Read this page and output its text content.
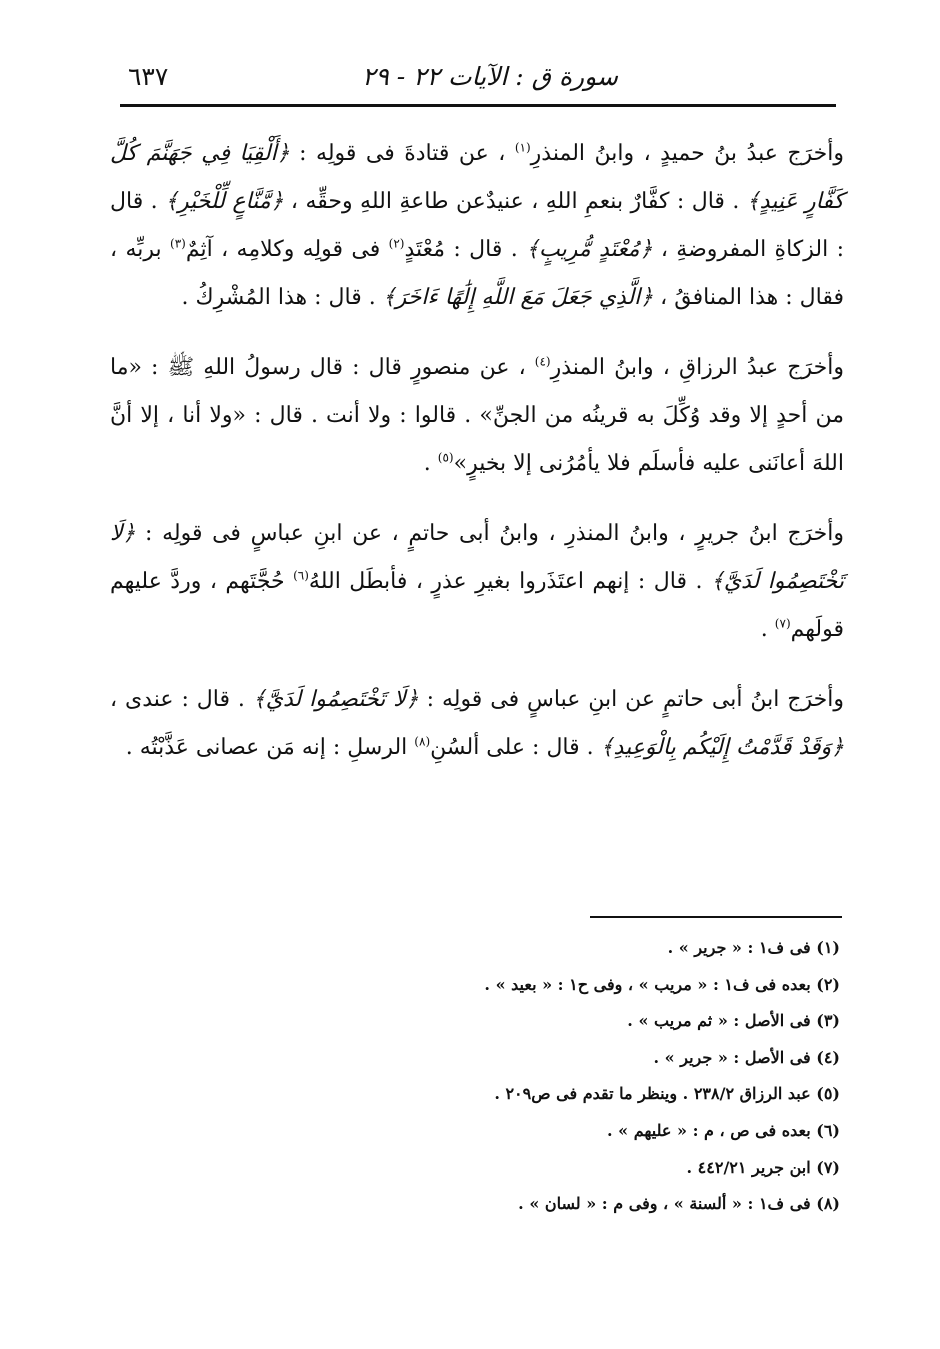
سورة ق : الآيات ٢٢ - ٢٩
٦٣٧

وأخرَج عبدُ بنُ حميدٍ ، وابنُ المنذرِ$^{(١)}$ ، عن قتادةَ فى قولِه : ﴿أَلْقِيَا فِي جَهَنَّمَ كُلَّ كَفَّارٍ عَنِيدٍ﴾ . قال : كفَّارٌ بنعمِ اللهِ ، عنيدٌعن طاعةِ اللهِ وحقِّه ، ﴿مَّنَّاعٍ لِّلْخَيْرِ﴾ . قال : الزكاةِ المفروضةِ ، ﴿مُعْتَدٍ مُّرِيبٍ﴾ . قال : مُعْتَدٍ$^{(٢)}$ فى قولِه وكلامِه ، آثِمٌ$^{(٣)}$ بربِّه ، فقال : هذا المنافقُ ، ﴿الَّذِي جَعَلَ مَعَ اللَّهِ إِلَٰهًا ءَاخَرَ﴾ . قال : هذا المُشْرِكُ .

وأخرَج عبدُ الرزاقِ ، وابنُ المنذرِ$^{(٤)}$ ، عن منصورٍ قال : قال رسولُ اللهِ ﷺ : «ما من أحدٍ إلا وقد وُكِّلَ به قرينُه من الجنِّ» . قالوا : ولا أنت . قال : «ولا أنا ، إلا أنَّ اللهَ أعانَنى عليه فأسلَم فلا يأمُرُنى إلا بخيرٍ»$^{(٥)}$ .

وأخرَج ابنُ جريرٍ ، وابنُ المنذرِ ، وابنُ أبى حاتمٍ ، عن ابنِ عباسٍ فى قولِه : ﴿لَا تَخْتَصِمُوا لَدَيَّ﴾ . قال : إنهم اعتَذَروا بغيرِ عذرٍ ، فأبطَل اللهُ$^{(٦)}$ حُجَّتَهم ، وردَّ عليهم قولَهم$^{(٧)}$ .

وأخرَج ابنُ أبى حاتمٍ عن ابنِ عباسٍ فى قولِه : ﴿لَا تَخْتَصِمُوا لَدَيَّ﴾ . قال : عندى ، ﴿وَقَدْ قَدَّمْتُ إِلَيْكُم بِالْوَعِيدِ﴾ . قال : على ألسُنِ$^{(٨)}$ الرسلِ : إنه مَن عصانى عَذَّبْتُه .

(١) فى ف١ : « جرير » .
(٢) بعده فى ف١ : « مريب » ، وفى ح١ : « بعيد » .
(٣) فى الأصل : « ثم مريب » .
(٤) فى الأصل : « جرير » .
(٥) عبد الرزاق ٢٣٨/٢ . وينظر ما تقدم فى ص٢٠٩ .
(٦) بعده فى ص ، م : « عليهم » .
(٧) ابن جرير ٤٤٢/٢١ .
(٨) فى ف١ : « ألسنة » ، وفى م : « لسان » .
